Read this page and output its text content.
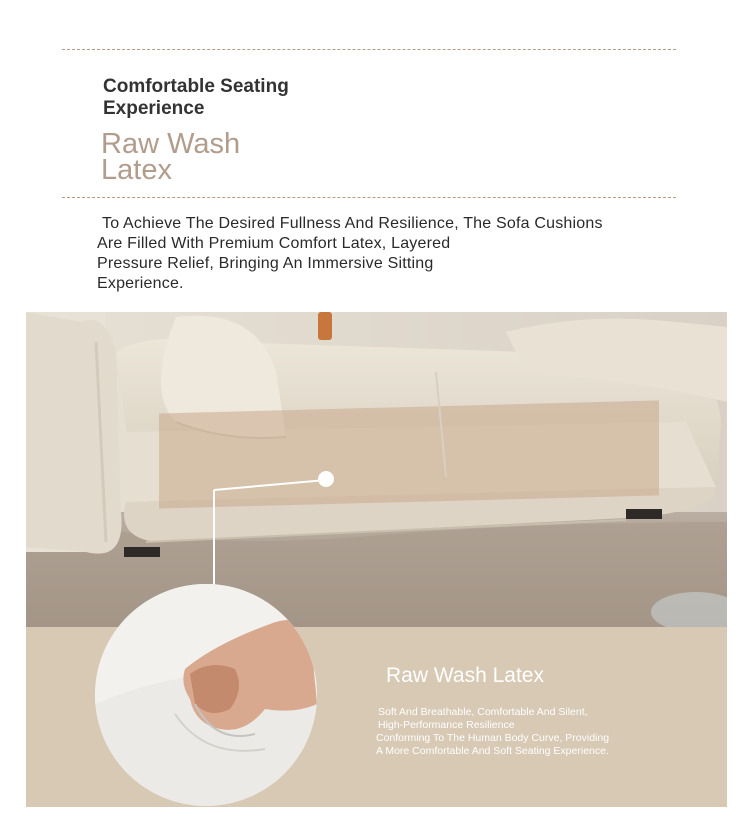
Comfortable Seating
Experience
Raw Wash
Latex
To Achieve The Desired Fullness And Resilience, The Sofa Cushions
Are Filled With Premium Comfort Latex, Layered
Pressure Relief, Bringing An Immersive Sitting
Experience.
Raw Wash Latex
Soft And Breathable, Comfortable And Silent,
High-Performance Resilience
Conforming To The Human Body Curve, Providing
A More Comfortable And Soft Seating Experience.
